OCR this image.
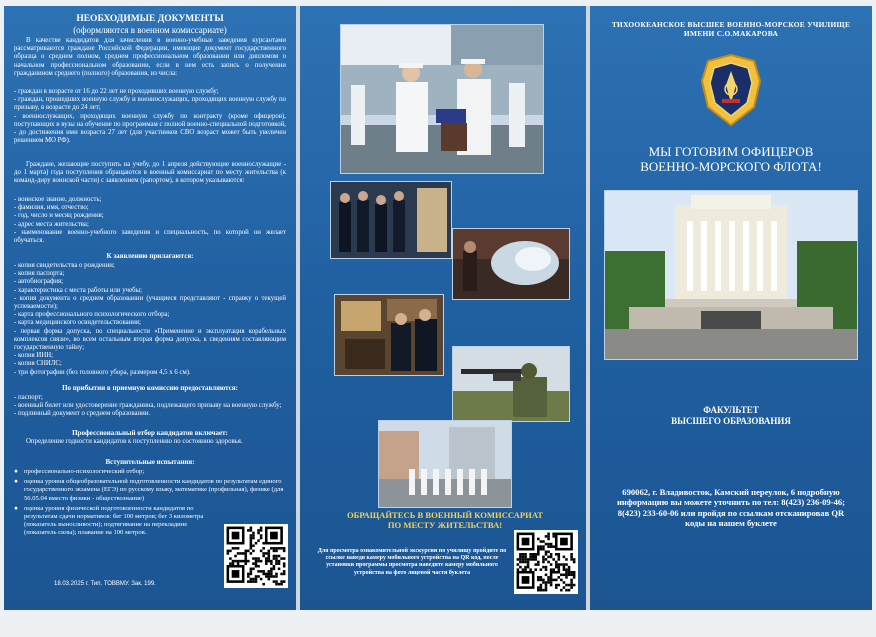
НЕОБХОДИМЫЕ ДОКУМЕНТЫ
(оформляются в военном комиссариате)
В качестве кандидатов для зачисления в военно-учебные заведения курсантами рассматриваются граждане Российской Федерации, имеющие документ государственного образца о среднем полном, среднем профессиональном образовании или дипломом о начальном профессиональном образовании, если в нем есть запись о получении гражданином среднего (полного) образования, из числа:
- граждан в возрасте от 16 до 22 лет не проходивших военную службу;
- граждан, прошедших военную службу и военнослужащих, проходящих военную службу по призыву, в возрасте до 24 лет;
- военнослужащих, проходящих военную службу по контракту (кроме офицеров), поступающих в вузы на обучение по программам с полной военно-специальной подготовкой, - до достижения ими возраста 27 лет (для участников СВО возраст может быть увеличен решением МО РФ).
Граждане, желающие поступить на учебу, до 1 апреля действующие военнослужащие - до 1 марта) года поступления обращаются в военный комиссариат по месту жительства (к команд-диру воинской части) с заявлением (рапортом), в котором указываются:
- воинское звание, должность;
- фамилия, имя, отчество;
- год, число и месяц рождения;
- адрес места жительства;
- наименование военно-учебного заведения и специальность, по которой он желает обучаться.
К заявлению прилагаются:
- копия свидетельства о рождении;
- копия паспорта;
- автобиография;
- характеристика с места работы или учебы;
- копия документа о среднем образовании (учащиеся представляют - справку о текущей успеваемости);
- карта профессионального психологического отбора;
- карта медицинского освидетельствования;
- первая форма допуска, по специальности «Применение и эксплуатация корабельных комплексов связи», во всем остальным вторая форма допуска, к сведениям составляющим государственную тайну;
- копия ИНН;
- копия СНИЛС;
- три фотографии (без головного убора, размером 4,5 х 6 см).
По прибытии в приемную комиссию предоставляются:
- паспорт;
- военный билет или удостоверение гражданина, подлежащего призыву на военную службу;
- подлинный документ о среднем образовании.
Профессиональный отбор кандидатов включает:
Определение годности кандидатов к поступлению по состоянию здоровья.
Вступительные испытания:
● профессионально-психологический отбор;
● оценка уровня общеобразовательной подготовленности кандидатов по результатам единого государственного экзамена (ЕГЭ) по русскому языку, математике (профильная), физике (для 56.05.04 вместо физики - обществознание)
● оценка уровня физической подготовленности кандидатов по результатам сдачи нормативов: бег 100 метров; бег 3 километра (показатель выносливости); подтягивание на перекладине (показатель силы); плавание на 100 метров.
18.03.2025 г. Тип. ТОВВМУ. Зак. 199.
ОБРАЩАЙТЕСЬ В ВОЕННЫЙ КОМИССАРИАТ
ПО МЕСТУ ЖИТЕЛЬСТВА!
Для просмотра ознакомительной экскурсии по училищу пройдите по ссылке наведя камеру мобильного устройства на QR код, после установки программы просмотра наведите камеру мобильного устройства на фото лицевой части буклета
ТИХООКЕАНСКОЕ ВЫСШЕЕ ВОЕННО-МОРСКОЕ УЧИЛИЩЕ
ИМЕНИ С.О.МАКАРОВА
МЫ ГОТОВИМ ОФИЦЕРОВ
ВОЕННО-МОРСКОГО ФЛОТА!
ФАКУЛЬТЕТ
ВЫСШЕГО ОБРАЗОВАНИЯ
690062, г. Владивосток, Камский переулок, 6 подробную информацию вы можете уточнить по тел: 8(423) 236-09-46; 8(423) 233-60-06 или пройдя по ссылкам отсканировав QR коды на нашем буклете
